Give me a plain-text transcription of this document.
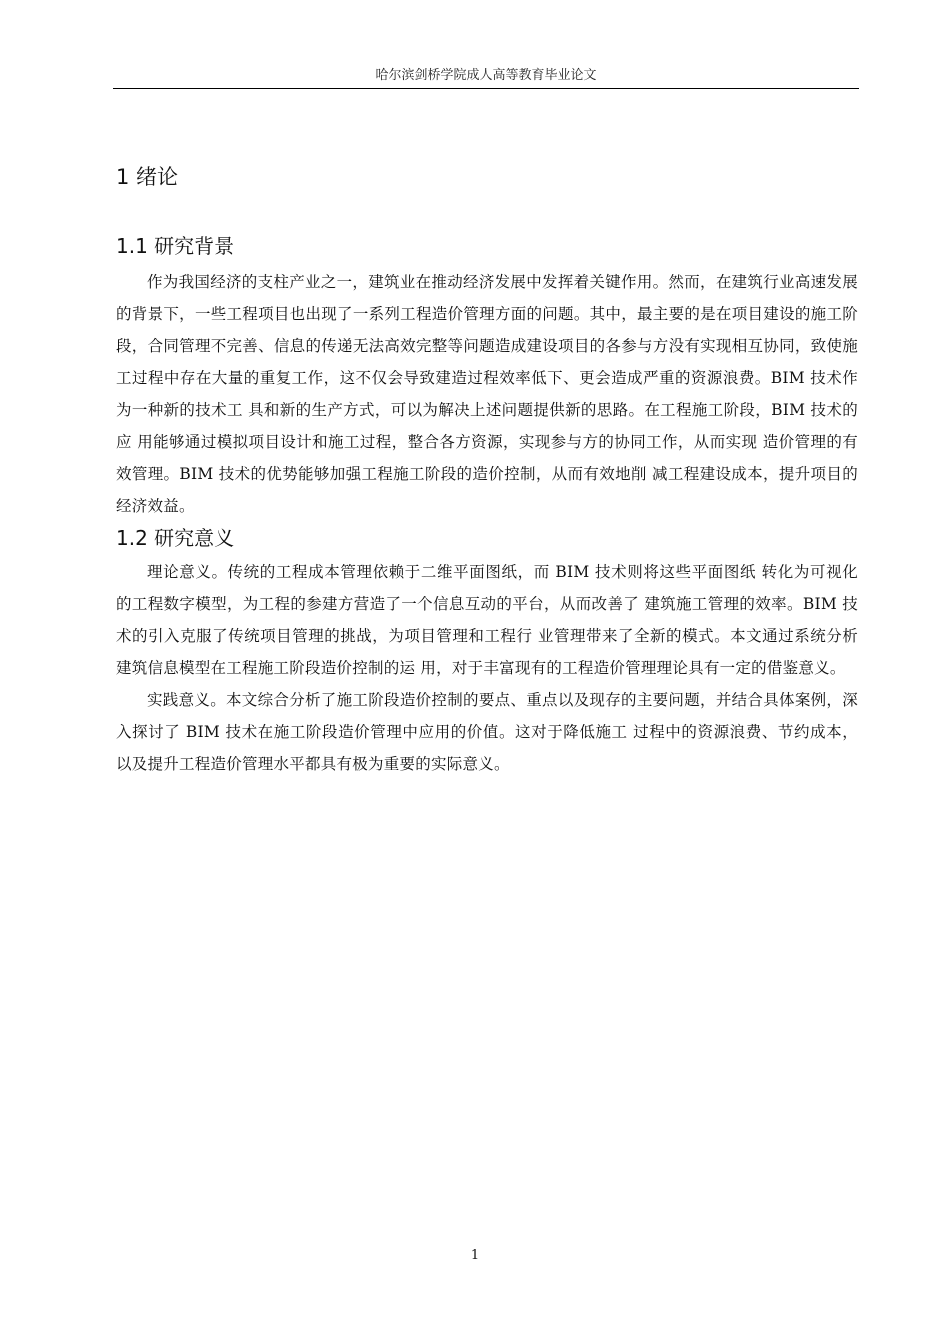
哈尔滨剑桥学院成人高等教育毕业论文
1 绪论
1.1 研究背景

作为我国经济的支柱产业之一，建筑业在推动经济发展中发挥着关键作用。然而，在建筑行业高速发展的背景下，一些工程项目也出现了一系列工程造价管理方面的问题。其中，最主要的是在项目建设的施工阶段，合同管理不完善、信息的传递无法高效完整等问题造成建设项目的各参与方没有实现相互协同，致使施工过程中存在大量的重复工作，这不仅会导致建造过程效率低下、更会造成严重的资源浪费。BIM 技术作为一种新的技术工 具和新的生产方式，可以为解决上述问题提供新的思路。在工程施工阶段，BIM 技术的应 用能够通过模拟项目设计和施工过程，整合各方资源，实现参与方的协同工作，从而实现 造价管理的有效管理。BIM 技术的优势能够加强工程施工阶段的造价控制，从而有效地削 减工程建设成本，提升项目的经济效益。

1.2 研究意义

理论意义。传统的工程成本管理依赖于二维平面图纸，而 BIM 技术则将这些平面图纸 转化为可视化的工程数字模型，为工程的参建方营造了一个信息互动的平台，从而改善了 建筑施工管理的效率。BIM 技术的引入克服了传统项目管理的挑战，为项目管理和工程行 业管理带来了全新的模式。本文通过系统分析建筑信息模型在工程施工阶段造价控制的运 用，对于丰富现有的工程造价管理理论具有一定的借鉴意义。

实践意义。本文综合分析了施工阶段造价控制的要点、重点以及现存的主要问题，并结合具体案例，深入探讨了 BIM 技术在施工阶段造价管理中应用的价值。这对于降低施工 过程中的资源浪费、节约成本，以及提升工程造价管理水平都具有极为重要的实际意义。

1
